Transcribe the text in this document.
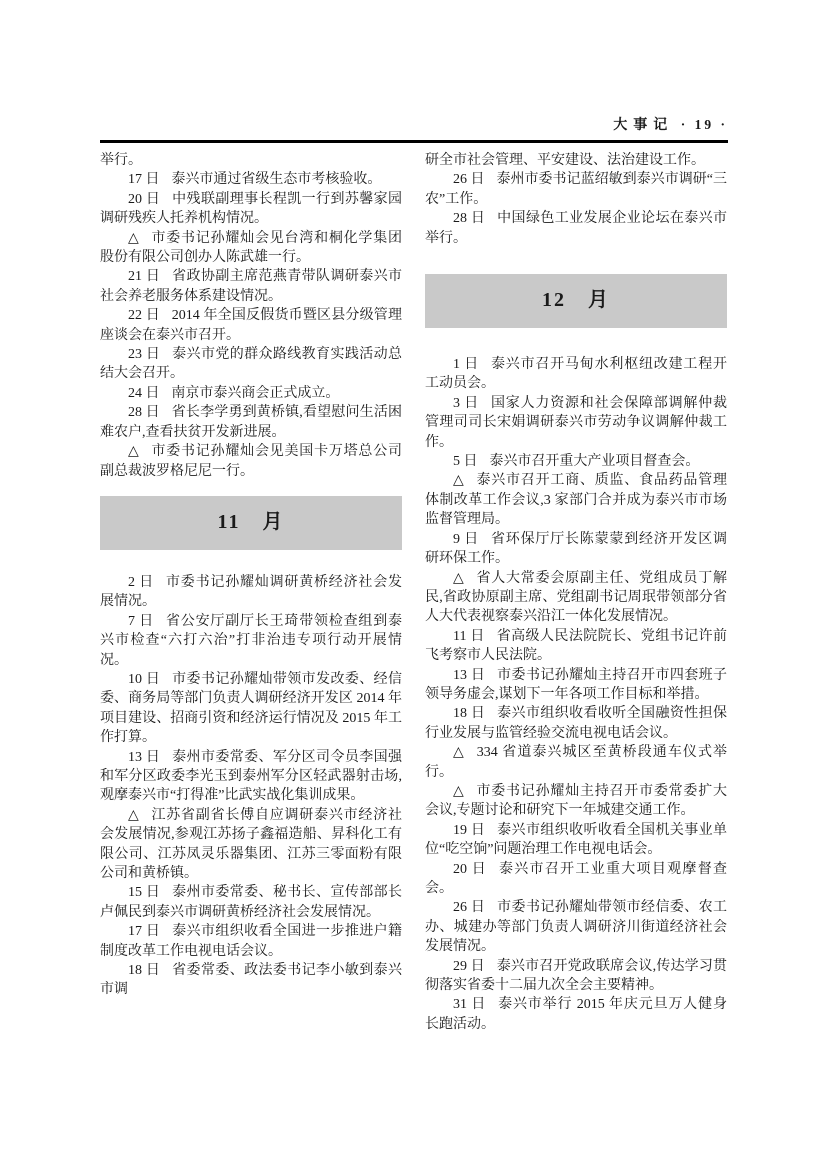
大事记 · 19 ·

举行。

17 日 泰兴市通过省级生态市考核验收。

20 日 中残联副理事长程凯一行到苏馨家园调研残疾人托养机构情况。

△ 市委书记孙耀灿会见台湾和桐化学集团股份有限公司创办人陈武雄一行。

21 日 省政协副主席范燕青带队调研泰兴市社会养老服务体系建设情况。

22 日 2014 年全国反假货币暨区县分级管理座谈会在泰兴市召开。

23 日 泰兴市党的群众路线教育实践活动总结大会召开。

24 日 南京市泰兴商会正式成立。

28 日 省长李学勇到黄桥镇,看望慰问生活困难农户,查看扶贫开发新进展。

△ 市委书记孙耀灿会见美国卡万塔总公司副总裁波罗格尼尼一行。

11　月

2 日 市委书记孙耀灿调研黄桥经济社会发展情况。

7 日 省公安厅副厅长王琦带领检查组到泰兴市检查“六打六治”打非治违专项行动开展情况。

10 日 市委书记孙耀灿带领市发改委、经信委、商务局等部门负责人调研经济开发区 2014 年项目建设、招商引资和经济运行情况及 2015 年工作打算。

13 日 泰州市委常委、军分区司令员李国强和军分区政委李光玉到泰州军分区轻武器射击场,观摩泰兴市“打得准”比武实战化集训成果。

△ 江苏省副省长傅自应调研泰兴市经济社会发展情况,参观江苏扬子鑫福造船、昇科化工有限公司、江苏凤灵乐器集团、江苏三零面粉有限公司和黄桥镇。

15 日 泰州市委常委、秘书长、宣传部部长卢佩民到泰兴市调研黄桥经济社会发展情况。

17 日 泰兴市组织收看全国进一步推进户籍制度改革工作电视电话会议。

18 日 省委常委、政法委书记李小敏到泰兴市调

研全市社会管理、平安建设、法治建设工作。

26 日 泰州市委书记蓝绍敏到泰兴市调研“三农”工作。

28 日 中国绿色工业发展企业论坛在泰兴市举行。

12　月

1 日 泰兴市召开马甸水利枢纽改建工程开工动员会。

3 日 国家人力资源和社会保障部调解仲裁管理司司长宋娟调研泰兴市劳动争议调解仲裁工作。

5 日 泰兴市召开重大产业项目督查会。

△ 泰兴市召开工商、质监、食品药品管理体制改革工作会议,3 家部门合并成为泰兴市市场监督管理局。

9 日 省环保厅厅长陈蒙蒙到经济开发区调研环保工作。

△ 省人大常委会原副主任、党组成员丁解民,省政协原副主席、党组副书记周珉带领部分省人大代表视察泰兴沿江一体化发展情况。

11 日 省高级人民法院院长、党组书记许前飞考察市人民法院。

13 日 市委书记孙耀灿主持召开市四套班子领导务虚会,谋划下一年各项工作目标和举措。

18 日 泰兴市组织收看收听全国融资性担保行业发展与监管经验交流电视电话会议。

△ 334 省道泰兴城区至黄桥段通车仪式举行。

△ 市委书记孙耀灿主持召开市委常委扩大会议,专题讨论和研究下一年城建交通工作。

19 日 泰兴市组织收听收看全国机关事业单位“吃空饷”问题治理工作电视电话会。

20 日 泰兴市召开工业重大项目观摩督查会。

26 日 市委书记孙耀灿带领市经信委、农工办、城建办等部门负责人调研济川街道经济社会发展情况。

29 日 泰兴市召开党政联席会议,传达学习贯彻落实省委十二届九次全会主要精神。

31 日 泰兴市举行 2015 年庆元旦万人健身长跑活动。
